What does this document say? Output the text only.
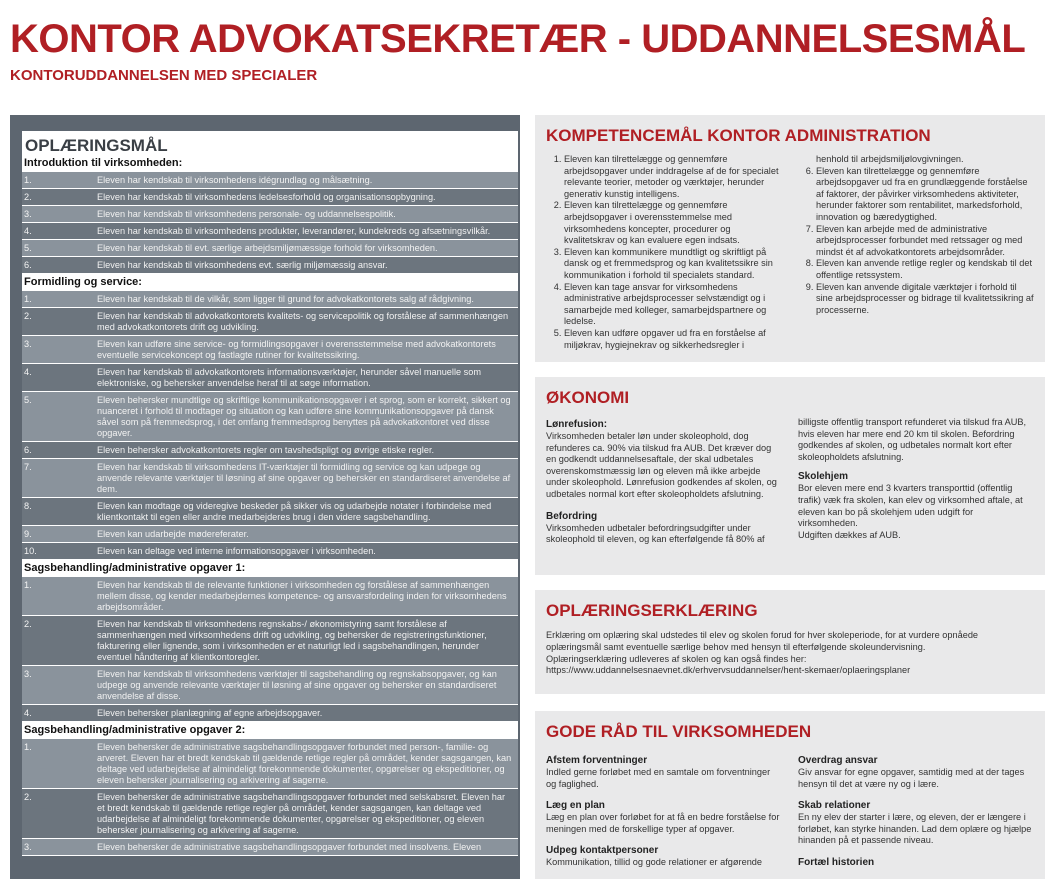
KONTOR ADVOKATSEKRETÆR - UDDANNELSESMÅL
KONTORUDDANNELSEN MED SPECIALER
OPLÆRINGSMÅL
Introduktion til virksomheden:
1.	Eleven har kendskab til virksomhedens idégrundlag og målsætning.
2.	Eleven har kendskab til virksomhedens ledelsesforhold og organisationsopbygning.
3.	Eleven har kendskab til virksomhedens personale- og uddannelsespolitik.
4.	Eleven har kendskab til virksomhedens produkter, leverandører, kundekreds og afsætningsvilkår.
5.	Eleven har kendskab til evt. særlige arbejdsmiljømæssige forhold for virksomheden.
6.	Eleven har kendskab til virksomhedens evt. særlig miljømæssig ansvar.
Formidling og service:
1.	Eleven har kendskab til de vilkår, som ligger til grund for advokatkontorets salg af rådgivning.
2.	Eleven har kendskab til advokatkontorets kvalitets- og servicepolitik og forstålese af sammenhængen med advokatkontorets drift og udvikling.
3.	Eleven kan udføre sine service- og formidlingsopgaver i overensstemmelse med advokatkontorets eventuelle servicekoncept og fastlagte rutiner for kvalitetssikring.
4.	Eleven har kendskab til advokatkontorets informationsværktøjer, herunder såvel manuelle som elektroniske, og behersker anvendelse heraf til at søge information.
5.	Eleven behersker mundtlige og skriftlige kommunikationsopgaver i et sprog, som er korrekt, sikkert og nuanceret i forhold til modtager og situation og kan udføre sine kommunikationsopgaver på dansk såvel som på fremmedsprog, i det omfang fremmedsprog benyttes på advokatkontoret ved disse opgaver.
6.	Eleven behersker advokatkontorets regler om tavshedspligt og øvrige etiske regler.
7.	Eleven har kendskab til virksomhedens IT-værktøjer til formidling og service og kan udpege og anvende relevante værktøjer til løsning af sine opgaver og behersker en standardiseret anvendelse af dem.
8.	Eleven kan modtage og videregive beskeder på sikker vis og udarbejde notater i forbindelse med klientkontakt til egen eller andre medarbejderes brug i den videre sagsbehandling.
9.	Eleven kan udarbejde mødereferater.
10.	Eleven kan deltage ved interne informationsopgaver i virksomheden.
Sagsbehandling/administrative opgaver 1:
1.	Eleven har kendskab til de relevante funktioner i virksomheden og forstålese af sammenhængen mellem disse, og kender medarbejdernes kompetence- og ansvarsfordeling inden for virksomhedens arbejdsområder.
2.	Eleven har kendskab til virksomhedens regnskabs-/ økonomistyring samt forstålese af sammenhængen med virksomhedens drift og udvikling, og behersker de registreringsfunktioner, fakturering eller lignende, som i virksomheden er et naturligt led i sagsbehandlingen, herunder eventuel håndtering af klientkontoregler.
3.	Eleven har kendskab til virksomhedens værktøjer til sagsbehandling og regnskabsopgaver, og kan udpege og anvende relevante værktøjer til løsning af sine opgaver og behersker en standardiseret anvendelse af disse.
4.	Eleven behersker planlægning af egne arbejdsopgaver.
Sagsbehandling/administrative opgaver 2:
1.	Eleven behersker de administrative sagsbehandlingsopgaver forbundet med person-, familie- og arveret. Eleven har et bredt kendskab til gældende retlige regler på området, kender sagsgangen, kan deltage ved udarbejdelse af almindeligt forekommende dokumenter, opgørelser og ekspeditioner, og eleven behersker journalisering og arkivering af sagerne.
2.	Eleven behersker de administrative sagsbehandlingsopgaver forbundet med selskabsret. Eleven har et bredt kendskab til gældende retlige regler på området, kender sagsgangen, kan deltage ved udarbejdelse af almindeligt forekommende dokumenter, opgørelser og ekspeditioner, og eleven behersker journalisering og arkivering af sagerne.
3.	Eleven behersker de administrative sagsbehandlingsopgaver forbundet med insolvens. Eleven
KOMPETENCEMÅL KONTOR ADMINISTRATION
1. Eleven kan tilrettelægge og gennemføre arbejdsopgaver under inddragelse af de for specialet relevante teorier, metoder og værktøjer, herunder generativ kunstig intelligens.
2. Eleven kan tilrettelægge og gennemføre arbejdsopgaver i overensstemmelse med virksomhedens koncepter, procedurer og kvalitetskrav og kan evaluere egen indsats.
3. Eleven kan kommunikere mundtligt og skriftligt på dansk og et fremmedsprog og kan kvalitetssikre sin kommunikation i forhold til specialets standard.
4. Eleven kan tage ansvar for virksomhedens administrative arbejdsprocesser selvstændigt og i samarbejde med kolleger, samarbejdspartnere og ledelse.
5. Eleven kan udføre opgaver ud fra en forståelse af miljøkrav, hygiejnekrav og sikkerhedsregler i
henhold til arbejdsmiljølovgivningen.
6. Eleven kan tilrettelægge og gennemføre arbejdsopgaver ud fra en grundlæggende forståelse af faktorer, der påvirker virksomhedens aktiviteter, herunder faktorer som rentabilitet, markedsforhold, innovation og bæredygtighed.
7. Eleven kan arbejde med de administrative arbejdsprocesser forbundet med retssager og med mindst ét af advokatkontorets arbejdsområder.
8. Eleven kan anvende retlige regler og kendskab til det offentlige retssystem.
9. Eleven kan anvende digitale værktøjer i forhold til sine arbejdsprocesser og bidrage til kvalitetssikring af processerne.
ØKONOMI
Lønrefusion:

Virksomheden betaler løn under skoleophold, dog refunderes ca. 90% via tilskud fra AUB. Det kræver dog en godkendt uddannelsesaftale, der skal udbetales overenskomstmæssig løn og eleven må ikke arbejde under skoleophold. Lønrefusion godkendes af skolen, og udbetales normal kort efter skoleopholdets afslutning.

Befordring

Virksomheden udbetaler befordringsudgifter under skoleophold til eleven, og kan efterfølgende få 80% af

billigste offentlig transport refunderet via tilskud fra AUB, hvis eleven har mere end 20 km til skolen. Befordring godkendes af skolen, og udbetales normalt kort efter skoleopholdets afslutning.

Skolehjem

Bor eleven mere end 3 kvarters transporttid (offentlig trafik) væk fra skolen, kan elev og virksomhed aftale, at eleven kan bo på skolehjem uden udgift for virksomheden.

Udgiften dækkes af AUB.

OPLÆRINGSERKLÆRING

Erklæring om oplæring skal udstedes til elev og skolen forud for hver skoleperiode, for at vurdere opnåede oplæringsmål samt eventuelle særlige behov med hensyn til efterfølgende skoleundervisning.

Oplæringserklæring udleveres af skolen og kan også findes her:

https://www.uddannelsesnaevnet.dk/erhvervsuddannelser/hent-skemaer/oplaeringsplaner

GODE RÅD TIL VIRKSOMHEDEN
Afstem forventninger

Indled gerne forløbet med en samtale om forventninger og faglighed.

Læg en plan

Læg en plan over forløbet for at få en bedre forståelse for meningen med de forskellige typer af opgaver.

Udpeg kontaktpersoner

Kommunikation, tillid og gode relationer er afgørende

Overdrag ansvar

Giv ansvar for egne opgaver, samtidig med at der tages hensyn til det at være ny og i lære.

Skab relationer

En ny elev der starter i lære, og eleven, der er længere i forløbet, kan styrke hinanden. Lad dem oplære og hjælpe hinanden på et passende niveau.

Fortæl historien
